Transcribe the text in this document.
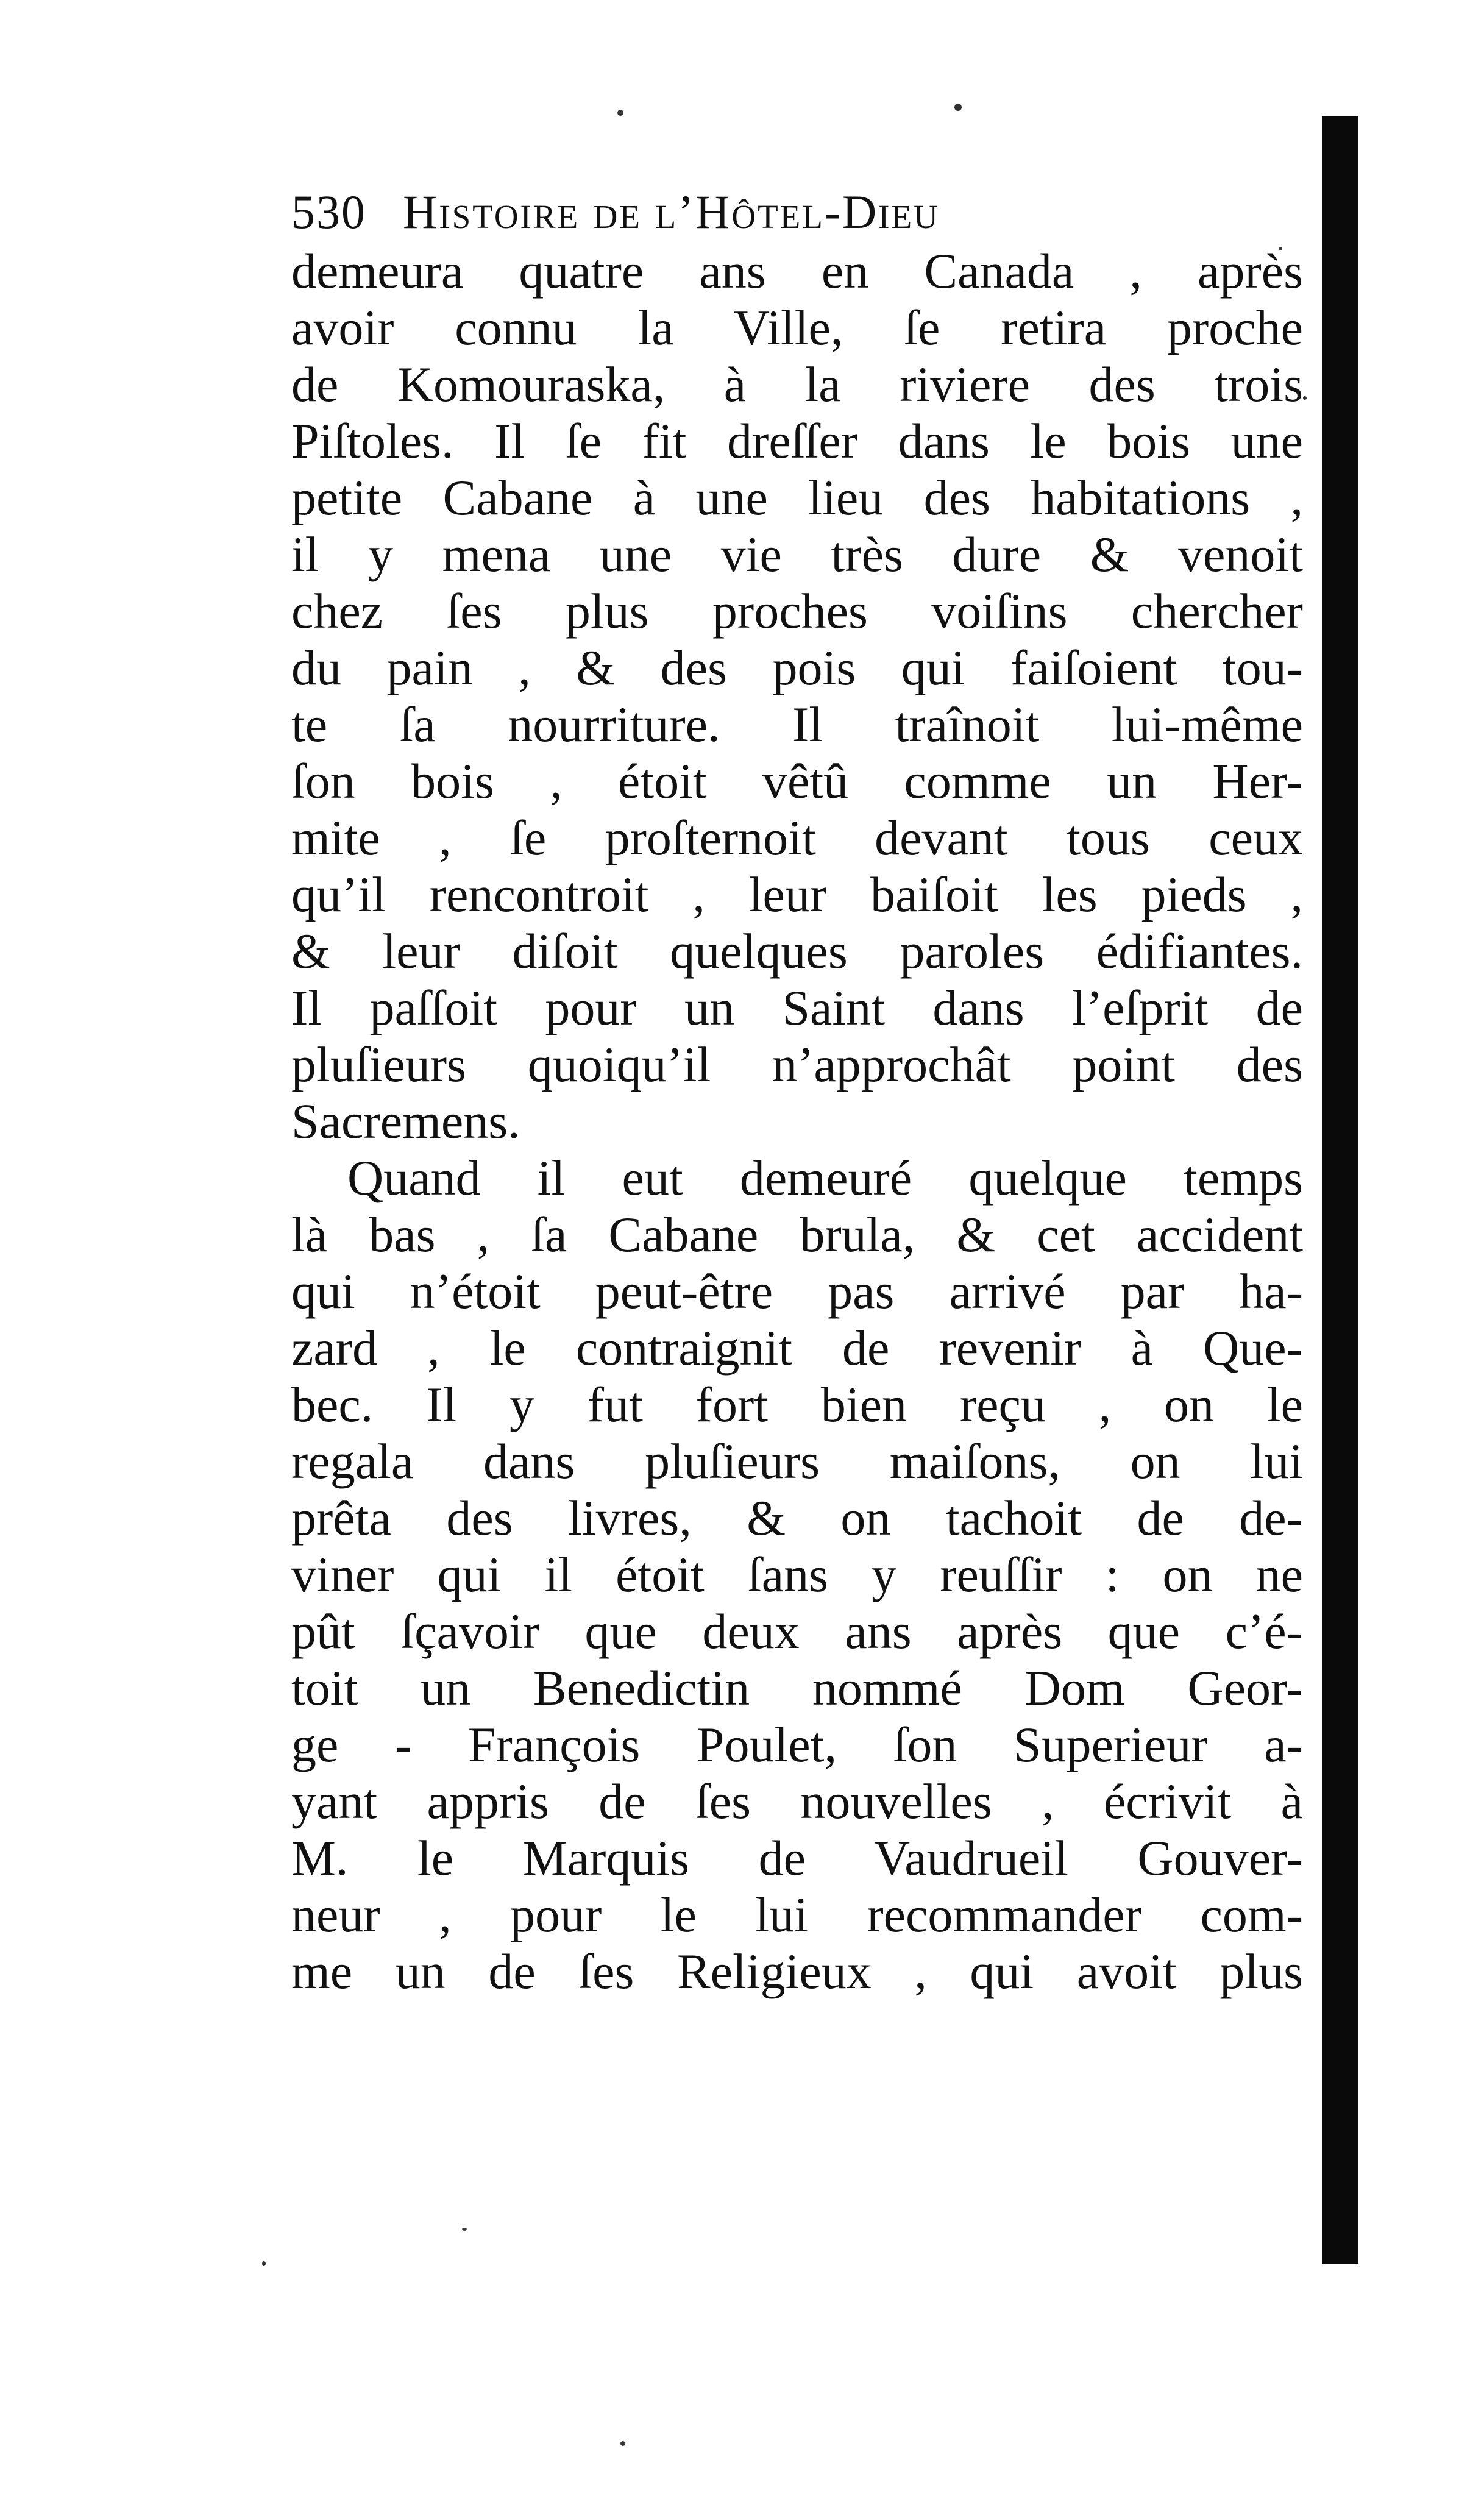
530 Histoire de l’Hôtel-Dieu
demeura quatre ans en Canada , après
avoir connu la Ville, ſe retira proche
de Komouraska, à la riviere des trois
Piſtoles. Il ſe fit dreſſer dans le bois une
petite Cabane à une lieu des habitations ,
il y mena une vie très dure & venoit
chez ſes plus proches voiſins chercher
du pain , & des pois qui faiſoient tou-
te ſa nourriture. Il traînoit lui-même
ſon bois , étoit vêtû comme un Her-
mite , ſe proſternoit devant tous ceux
qu’il rencontroit , leur baiſoit les pieds ,
& leur diſoit quelques paroles édifiantes.
Il paſſoit pour un Saint dans l’eſprit de
pluſieurs quoiqu’il n’approchât point des
Sacremens.
Quand il eut demeuré quelque temps
là bas , ſa Cabane brula, & cet accident
qui n’étoit peut-être pas arrivé par ha-
zard , le contraignit de revenir à Que-
bec. Il y fut fort bien reçu , on le
regala dans pluſieurs maiſons, on lui
prêta des livres, & on tachoit de de-
viner qui il étoit ſans y reuſſir : on ne
pût ſçavoir que deux ans après que c’é-
toit un Benedictin nommé Dom Geor-
ge - François Poulet, ſon Superieur a-
yant appris de ſes nouvelles , écrivit à
M. le Marquis de Vaudrueil Gouver-
neur , pour le lui recommander com-
me un de ſes Religieux , qui avoit plus
